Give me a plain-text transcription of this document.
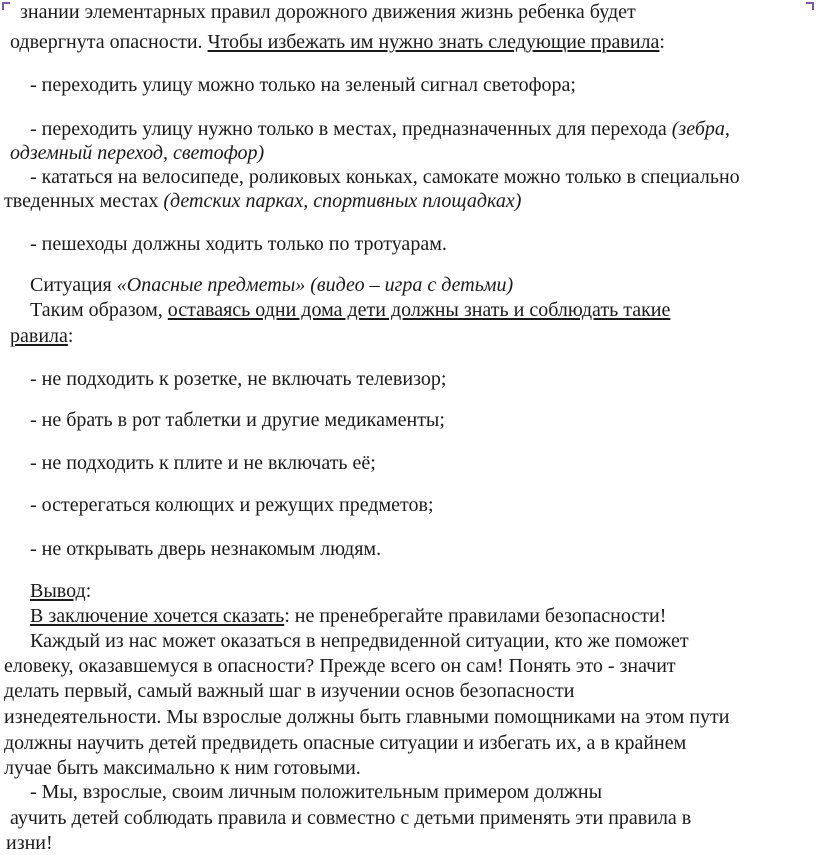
знании элементарных правил дорожного движения жизнь ребенка будет
одвергнута опасности. Чтобы избежать им нужно знать следующие правила:
- переходить улицу можно только на зеленый сигнал светофора;
- переходить улицу нужно только в местах, предназначенных для перехода (зебра,
одземный переход, светофор)
- кататься на велосипеде, роликовых коньках, самокате можно только в специально
тведенных местах (детских парках, спортивных площадках)
- пешеходы должны ходить только по тротуарам.
Ситуация «Опасные предметы» (видео – игра с детьми)
Таким образом, оставаясь одни дома дети должны знать и соблюдать такие
равила:
- не подходить к розетке, не включать телевизор;
- не брать в рот таблетки и другие медикаменты;
- не подходить к плите и не включать её;
- остерегаться колющих и режущих предметов;
- не открывать дверь незнакомым людям.
Вывод:
В заключение хочется сказать: не пренебрегайте правилами безопасности!
Каждый из нас может оказаться в непредвиденной ситуации, кто же поможет
еловеку, оказавшемуся в опасности? Прежде всего он сам! Понять это - значит
делать первый, самый важный шаг в изучении основ безопасности
изнедеятельности. Мы взрослые должны быть главными помощниками на этом пути
должны научить детей предвидеть опасные ситуации и избегать их, а в крайнем
лучае быть максимально к ним готовыми.
- Мы, взрослые, своим личным положительным примером должны
аучить детей соблюдать правила и совместно с детьми применять эти правила в
изни!
